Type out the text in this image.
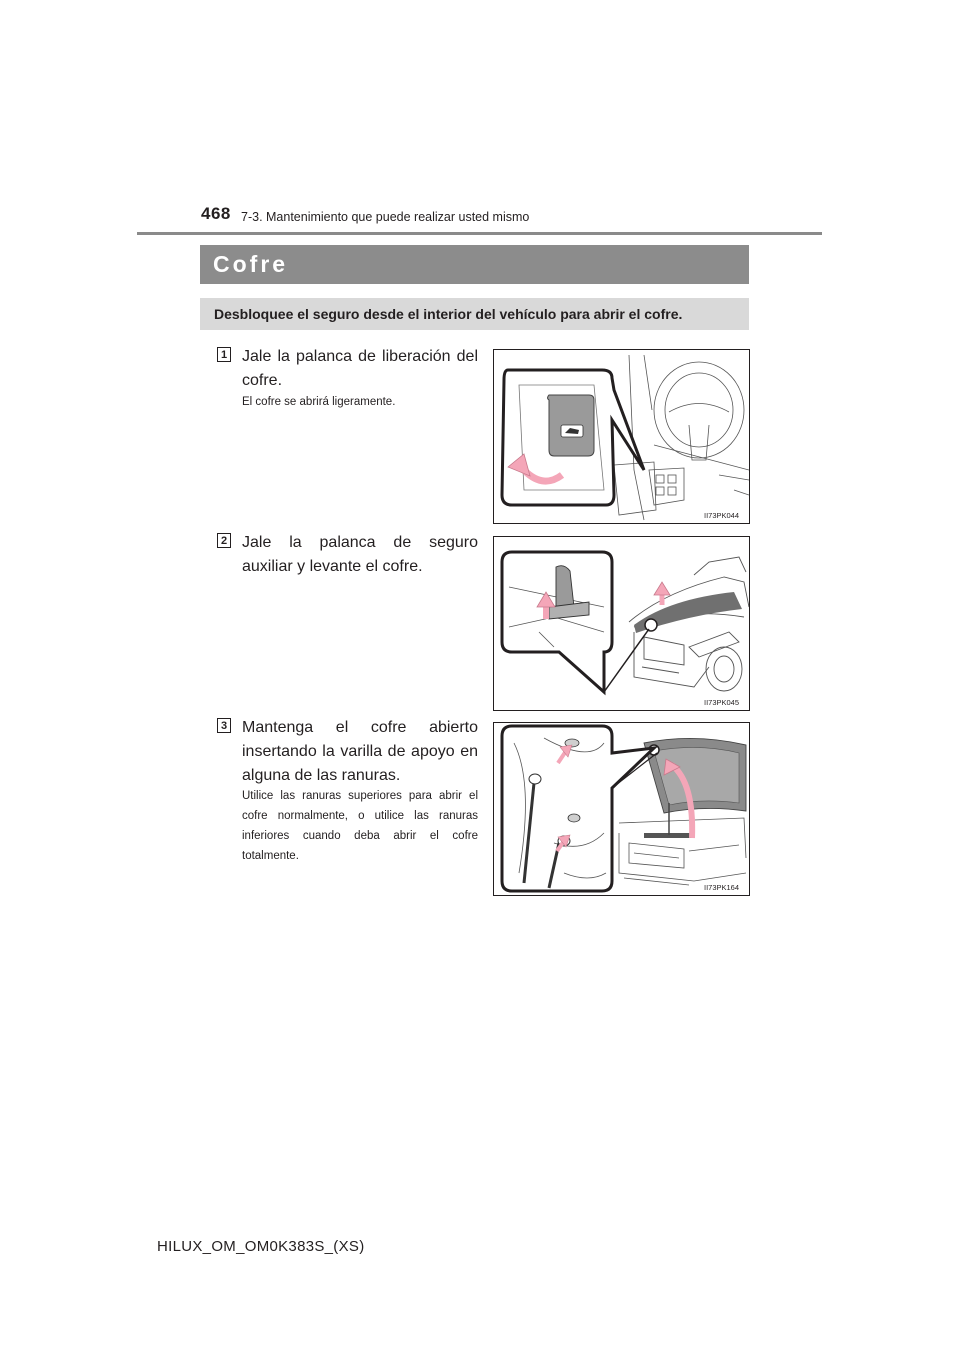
468 7-3. Mantenimiento que puede realizar usted mismo
Cofre
Desbloquee el seguro desde el interior del vehículo para abrir el cofre.
1 Jale la palanca de liberación del cofre.
El cofre se abrirá ligeramente.
II73PK044
2 Jale la palanca de seguro auxiliar y levante el cofre.
II73PK045
3 Mantenga el cofre abierto insertando la varilla de apoyo en alguna de las ranuras.
Utilice las ranuras superiores para abrir el cofre normalmente, o utilice las ranuras inferiores cuando deba abrir el cofre totalmente.
II73PK164
HILUX_OM_OM0K383S_(XS)
